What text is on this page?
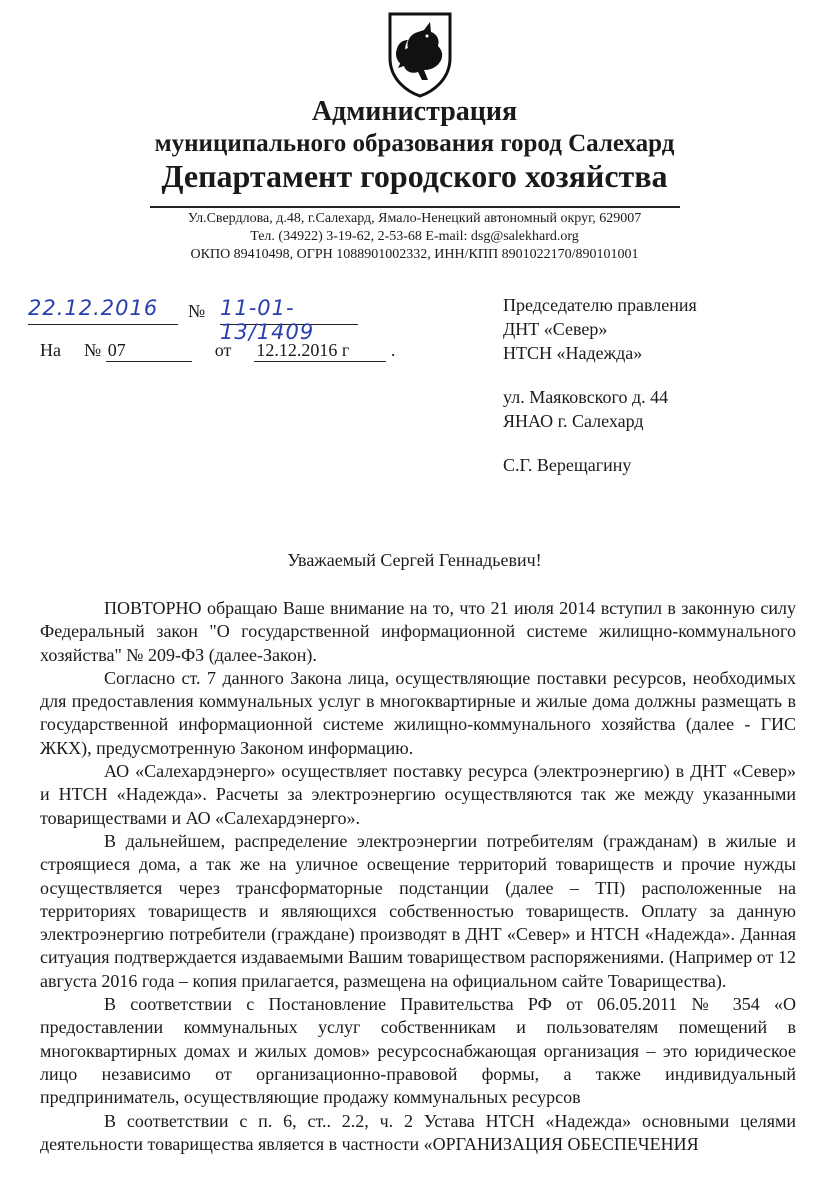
Администрация
муниципального образования город Салехард
Департамент городского хозяйства
Ул.Свердлова, д.48, г.Салехард, Ямало-Ненецкий автономный округ, 629007
Тел. (34922) 3-19-62, 2-53-68 E-mail: dsg@salekhard.org
ОКПО 89410498, ОГРН 1088901002332, ИНН/КПП 8901022170/890101001
22.12.2016	№ 11-01-13/1409
На № 07	от 12.12.2016 г .
Председателю правления
ДНТ «Север»
НТСН «Надежда»
ул. Маяковского д. 44
ЯНАО г. Салехард
С.Г. Верещагину
Уважаемый Сергей Геннадьевич!

ПОВТОРНО обращаю Ваше внимание на то, что 21 июля 2014 вступил в законную силу Федеральный закон "О государственной информационной системе жилищно-коммунального хозяйства" № 209-ФЗ (далее-Закон).

Согласно ст. 7 данного Закона лица, осуществляющие поставки ресурсов, необходимых для предоставления коммунальных услуг в многоквартирные и жилые дома должны размещать в государственной информационной системе жилищно-коммунального хозяйства (далее - ГИС ЖКХ), предусмотренную Законом информацию.

АО «Салехардэнерго» осуществляет поставку ресурса (электроэнергию) в ДНТ «Север» и НТСН «Надежда». Расчеты за электроэнергию осуществляются так же между указанными товариществами и АО «Салехардэнерго».

В дальнейшем, распределение электроэнергии потребителям (гражданам) в жилые и строящиеся дома, а так же на уличное освещение территорий товариществ и прочие нужды осуществляется через трансформаторные подстанции (далее – ТП) расположенные на территориях товариществ и являющихся собственностью товариществ. Оплату за данную электроэнергию потребители (граждане) производят в ДНТ «Север» и НТСН «Надежда». Данная ситуация подтверждается издаваемыми Вашим товариществом распоряжениями. (Например от 12 августа 2016 года – копия прилагается, размещена на официальном сайте Товарищества).

В соответствии с Постановление Правительства РФ от 06.05.2011 № 354 «О предоставлении коммунальных услуг собственникам и пользователям помещений в многоквартирных домах и жилых домов» ресурсоснабжающая организация – это юридическое лицо независимо от организационно-правовой формы, а также индивидуальный предприниматель, осуществляющие продажу коммунальных ресурсов

В соответствии с п. 6, ст.. 2.2, ч. 2 Устава НТСН «Надежда» основными целями деятельности товарищества является в частности «ОРГАНИЗАЦИЯ ОБЕСПЕЧЕНИЯ
